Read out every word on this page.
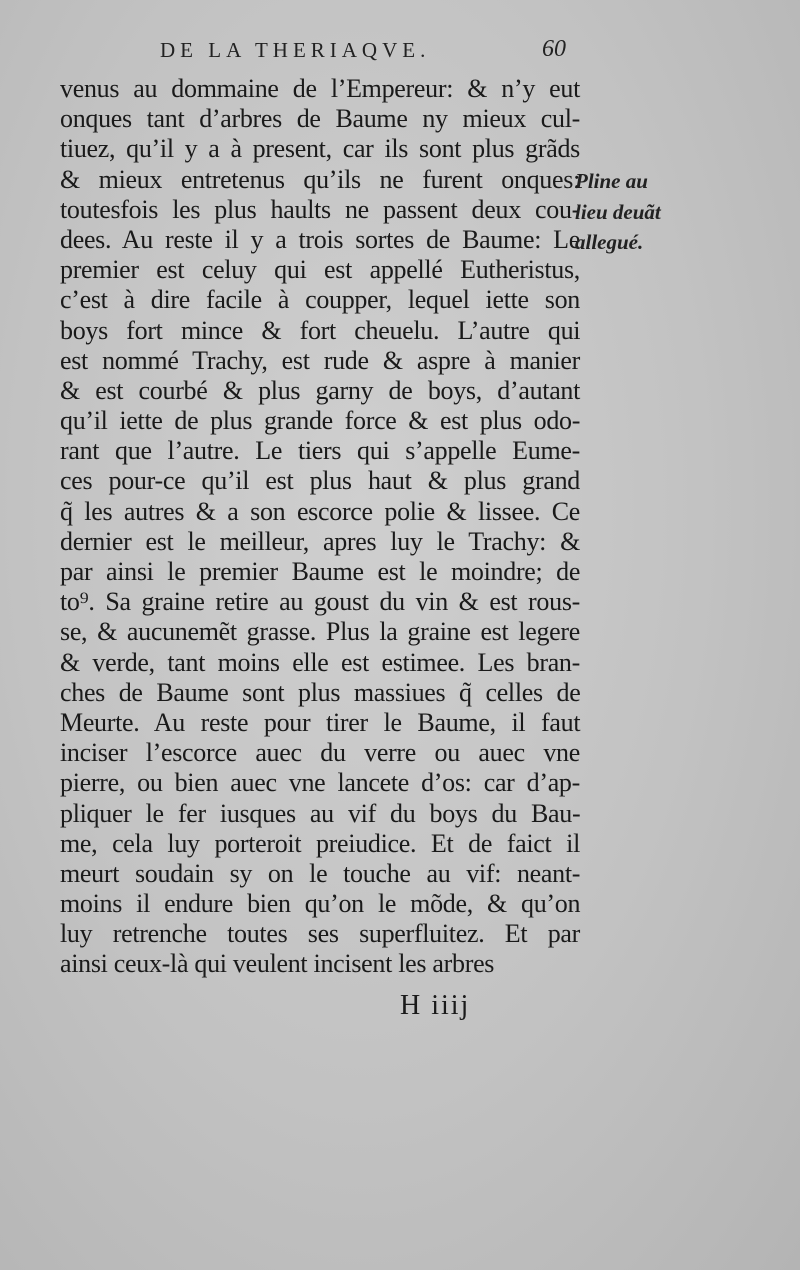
DE LA THERIAQVE.	60
venus au dommaine de l’Empereur: & n’y eut
onques tant d’arbres de Baume ny mieux cul-
tiuez, qu’il y a à present, car ils sont plus grãds
& mieux entretenus qu’ils ne furent onques:
toutesfois les plus haults ne passent deux cou-
dees. Au reste il y a trois sortes de Baume: Le
premier est celuy qui est appellé Eutheristus,
c’est à dire facile à coupper, lequel iette son
boys fort mince & fort cheuelu. L’autre qui
est nommé Trachy, est rude & aspre à manier
& est courbé & plus garny de boys, d’autant
qu’il iette de plus grande force & est plus odo-
rant que l’autre. Le tiers qui s’appelle Eume-
ces pour-ce qu’il est plus haut & plus grand
q̃ les autres & a son escorce polie & lissee. Ce
dernier est le meilleur, apres luy le Trachy: &
par ainsi le premier Baume est le moindre; de
to⁹. Sa graine retire au goust du vin & est rous-
se, & aucunemẽt grasse. Plus la graine est legere
& verde, tant moins elle est estimee. Les bran-
ches de Baume sont plus massiues q̃ celles de
Meurte. Au reste pour tirer le Baume, il faut
inciser l’escorce auec du verre ou auec vne
pierre, ou bien auec vne lancete d’os: car d’ap-
pliquer le fer iusques au vif du boys du Bau-
me, cela luy porteroit preiudice. Et de faict il
meurt soudain sy on le touche au vif: neant-
moins il endure bien qu’on le mõde, & qu’on
luy retrenche toutes ses superfluitez. Et par
ainsi ceux-là qui veulent incisent les arbres
Pline au
lieu deuãt
allegué.
H iiij
